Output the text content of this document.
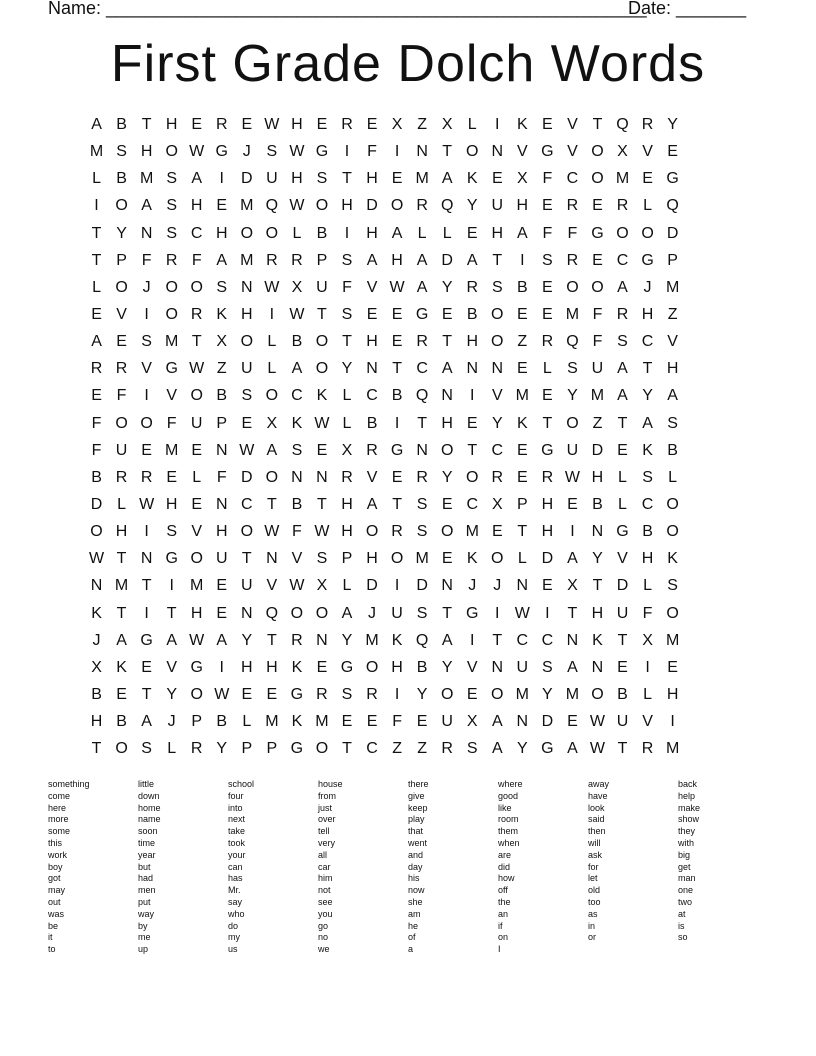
Name: ______________________________________________________
Date: _______
First Grade Dolch Words
A B T H E R E W H E R E X Z X L	I	K E V T Q R Y
M S H O W G J S W G	I	F	I	N T O N V G V O X V E
L B M S A	I	D U H S T H E M A K E X F C O M E G
I	O A S H E M Q W O H D O R Q Y U H E R E R L Q
T Y N S C H O O L B	I	H A L	L E H A F F G O O D
T P F R F A M R R P S A H A D A T	I	S R E C G P
L O J O O S N W X U F V W A Y R S B E O O A J M
E V	I	O R K H	I W T S E E G E B O E E M F R H Z
A E S M T X O L B O T H E R T H O Z R Q F S C V
R R V G W Z U L A O Y N T C A N N E L S U A T H
E F	I	V O B S O C K L C B Q N	I	V M E Y M A Y A
F O O F U P E X K W L B	I	T H E Y K T O Z T A S
F U E M E N W A S E X R G N O T C E G U D E K B
B R R E L F D O N N R V E R Y O R E R W H L S L
D L W H E N C T B T H A T S E C X P H E B L C O
O H	I	S V H O W F W H O R S O M E T H	I	N G B O
W T N G O U T N V S P H O M E K O L D A Y V H K
N M T	I	M E U V W X L D	I	D N J	J N E X T D L S
K T	I	T H E N Q O O A J U S T G	I W I	T H U F O
J A G A W A Y T R N Y M K Q A	I	T C C N K T X M
X K E V G	I	H H K E G O H B Y V N U S A N E	I	E
B E T Y O W E E G R S R	I	Y O E O M Y M O B L H
H B A J P B L M K M E E F E U X A N D E W U V	I
T O S L R Y P P G O T C Z Z R S A Y G A W T R M
something
come
here
more
some
this
work
boy
got
may
out
was
be
it
to
little
down
home
name
soon
time
year
but
had
men
put
way
by
me
up
school
four
into
next
take
took
your
can
has
Mr.
say
who
do
my
us
house
from
just
over
tell
very
all
car
him
not
see
you
go
no
we
there
give
keep
play
that
went
and
day
his
now
she
am
he
of
a
where
good
like
room
them
when
are
did
how
off
the
an
if
on
I
away
have
look
said
then
will
ask
for
let
old
too
as
in
or
back
help
make
show
they
with
big
get
man
one
two
at
is
so
